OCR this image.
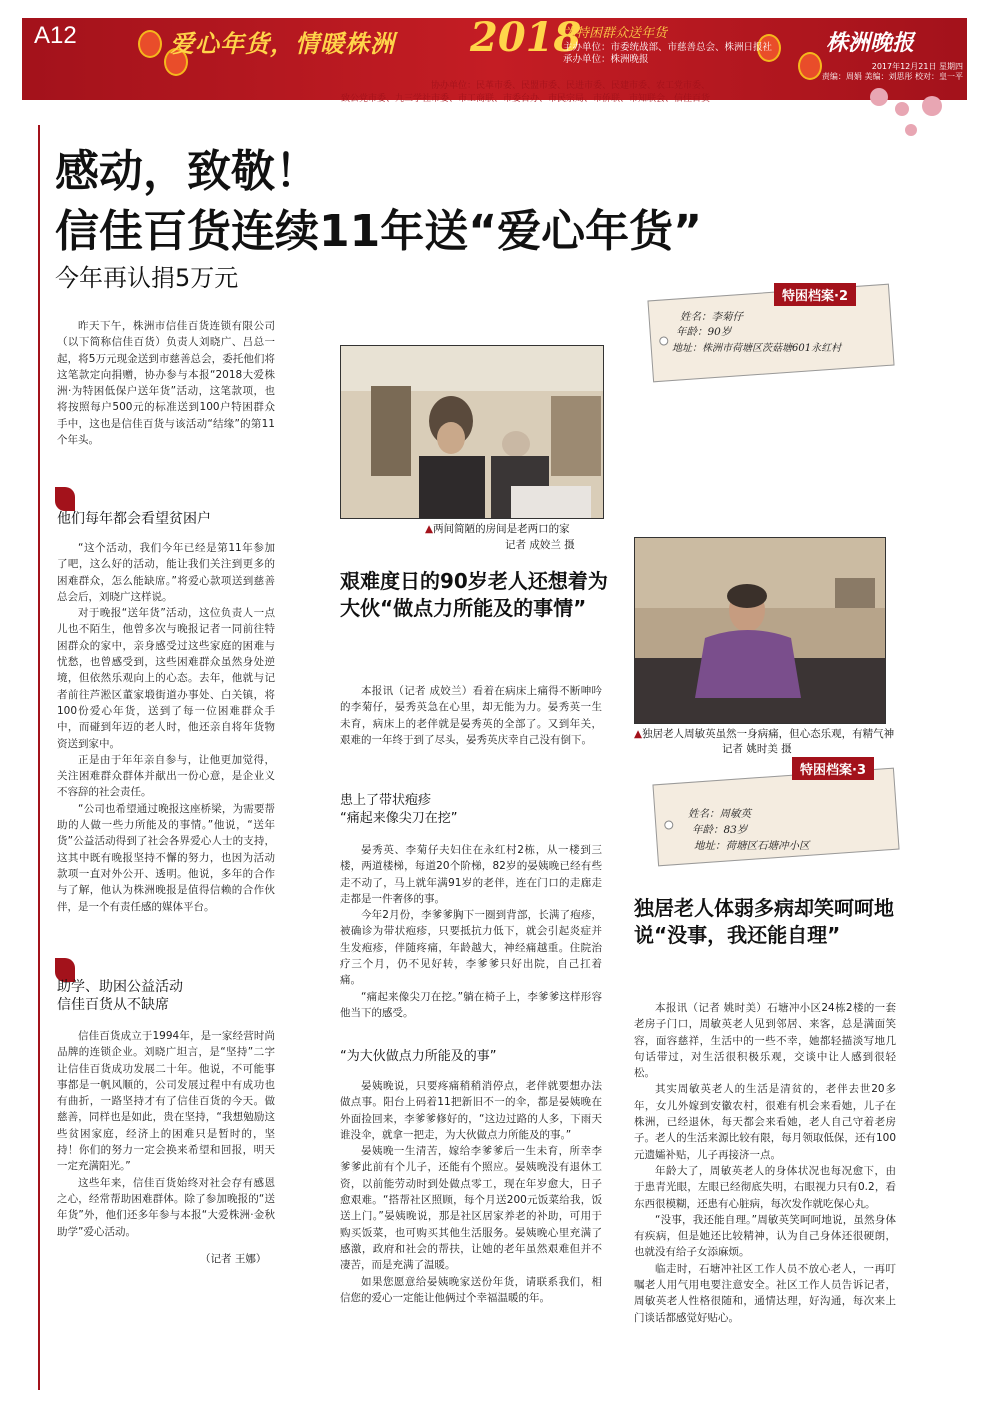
A12	爱心年货，情暖株洲 2018
为特困群众送年货
主办单位：市委统战部、市慈善总会、株洲日报社
承办单位：株洲晚报
株洲晚报
2017年12月21日 星期四
责编：周娟 美编：刘思彤 校对：皇一平
协办单位：民革市委、民盟市委、民进市委、民建市委、农工党市委、
致公党市委、九三学社市委、市工商联、市委台办、市民宗局、市侨联、市知联会、信佳百货
感动，致敬！
信佳百货连续11年送“爱心年货”
今年再认捐5万元
昨天下午，株洲市信佳百货连锁有限公司（以下简称信佳百货）负责人刘晓广、吕总一起，将5万元现金送到市慈善总会，委托他们将这笔款定向捐赠，协办参与本报“2018大爱株洲·为特困低保户送年货”活动，这笔款项，也将按照每户500元的标准送到100户特困群众手中，这也是信佳百货与该活动“结缘”的第11个年头。
他们每年都会看望贫困户

“这个活动，我们今年已经是第11年参加了吧，这么好的活动，能让我们关注到更多的困难群众，怎么能缺席。”将爱心款项送到慈善总会后，刘晓广这样说。

对于晚报“送年货”活动，这位负责人一点儿也不陌生，他曾多次与晚报记者一同前往特困群众的家中，亲身感受过这些家庭的困难与忧愁，也曾感受到，这些困难群众虽然身处逆境，但依然乐观向上的心态。去年，他就与记者前往芦淞区董家塅街道办事处、白关镇，将100份爱心年货，送到了每一位困难群众手中，而碰到年迈的老人时，他还亲自将年货物资送到家中。

正是由于年年亲自参与，让他更加觉得，关注困难群众群体并献出一份心意，是企业义不容辞的社会责任。

“公司也希望通过晚报这座桥梁，为需要帮助的人做一些力所能及的事情。”他说，“送年货”公益活动得到了社会各界爱心人士的支持，这其中既有晚报坚持不懈的努力，也因为活动款项一直对外公开、透明。他说，多年的合作与了解，他认为株洲晚报是值得信赖的合作伙伴，是一个有责任感的媒体平台。

助学、助困公益活动
信佳百货从不缺席

信佳百货成立于1994年，是一家经营时尚品牌的连锁企业。刘晓广坦言，是“坚持”二字让信佳百货成功发展二十年。他说，不可能事事都是一帆风顺的，公司发展过程中有成功也有曲折，一路坚持才有了信佳百货的今天。做慈善，同样也是如此，贵在坚持，“我想勉励这些贫困家庭，经济上的困难只是暂时的，坚持！你们的努力一定会换来希望和回报，明天一定充满阳光。”

这些年来，信佳百货始终对社会存有感恩之心，经常帮助困难群体。除了参加晚报的“送年货”外，他们还多年参与本报“大爱株洲·金秋助学”爱心活动。

（记者 王娜）
▲两间简陋的房间是老两口的家
记者 成姣兰 摄
特困档案·2
姓名：李菊仔
年龄：90岁
地址：株洲市荷塘区茨菇塘601永红村
艰难度日的90岁老人还想着为大伙“做点力所能及的事情”
本报讯（记者 成姣兰）看着在病床上痛得不断呻吟的李菊仔，晏秀英急在心里，却无能为力。晏秀英一生未育，病床上的老伴就是晏秀英的全部了。又到年关，艰难的一年终于到了尽头，晏秀英庆幸自己没有倒下。
患上了带状疱疹
“痛起来像尖刀在挖”

晏秀英、李菊仔夫妇住在永红村2栋，从一楼到三楼，两道楼梯，每道20个阶梯，82岁的晏姨晚已经有些走不动了，马上就年满91岁的老伴，连在门口的走廊走走都是一件奢侈的事。

今年2月份，李爹爹胸下一圈到背部，长满了疱疹，被确诊为带状疱疹，只要抵抗力低下，就会引起炎症并生发疱疹，伴随疼痛，年龄越大，神经痛越重。住院治疗三个月，仍不见好转，李爹爹只好出院，自己扛着痛。

“痛起来像尖刀在挖。”躺在椅子上，李爹爹这样形容他当下的感受。

“为大伙做点力所能及的事”

晏姨晚说，只要疼痛稍稍消停点，老伴就要想办法做点事。阳台上码着11把新旧不一的伞，都是晏姨晚在外面捡回来，李爹爹修好的，“这边过路的人多，下雨天谁没伞，就拿一把走，为大伙做点力所能及的事。”

晏姨晚一生清苦，嫁给李爹爹后一生未育，所幸李爹爹此前有个儿子，还能有个照应。晏姨晚没有退休工资，以前能劳动时到处做点零工，现在年岁愈大，日子愈艰难。“搭帮社区照顾，每个月送200元饭菜给我，饭送上门。”晏姨晚说，那是社区居家养老的补助，可用于购买饭菜，也可购买其他生活服务。晏姨晚心里充满了感激，政府和社会的帮扶，让她的老年虽然艰难但并不凄苦，而是充满了温暖。

如果您愿意给晏姨晚家送份年货，请联系我们，相信您的爱心一定能让他俩过个幸福温暖的年。

▲独居老人周敏英虽然一身病痛，但心态乐观，有精气神
记者 姚时美 摄
特困档案·3
姓名：周敏英
年龄：83岁
地址：荷塘区石塘冲小区
独居老人体弱多病却笑呵呵地说“没事，我还能自理”

本报讯（记者 姚时美）石塘冲小区24栋2楼的一套老房子门口，周敏英老人见到邻居、来客，总是满面笑容，面容慈祥，生活中的一些不幸，她都轻描淡写地几句话带过，对生活很积极乐观，交谈中让人感到很轻松。

其实周敏英老人的生活是清贫的，老伴去世20多年，女儿外嫁到安徽农村，很难有机会来看她，儿子在株洲，已经退休，每天都会来看她，老人自己守着老房子。老人的生活来源比较有限，每月领取低保，还有100元遗孀补贴，儿子再接济一点。

年龄大了，周敏英老人的身体状况也每况愈下，由于患青光眼，左眼已经彻底失明，右眼视力只有0.2，看东西很模糊，还患有心脏病，每次发作就吃保心丸。

“没事，我还能自理。”周敏英笑呵呵地说，虽然身体有疾病，但是她还比较精神，认为自己身体还很硬朗，也就没有给子女添麻烦。

临走时，石塘冲社区工作人员不放心老人，一再叮嘱老人用气用电要注意安全。社区工作人员告诉记者，周敏英老人性格很随和，通情达理，好沟通，每次来上门谈话都感觉好贴心。
